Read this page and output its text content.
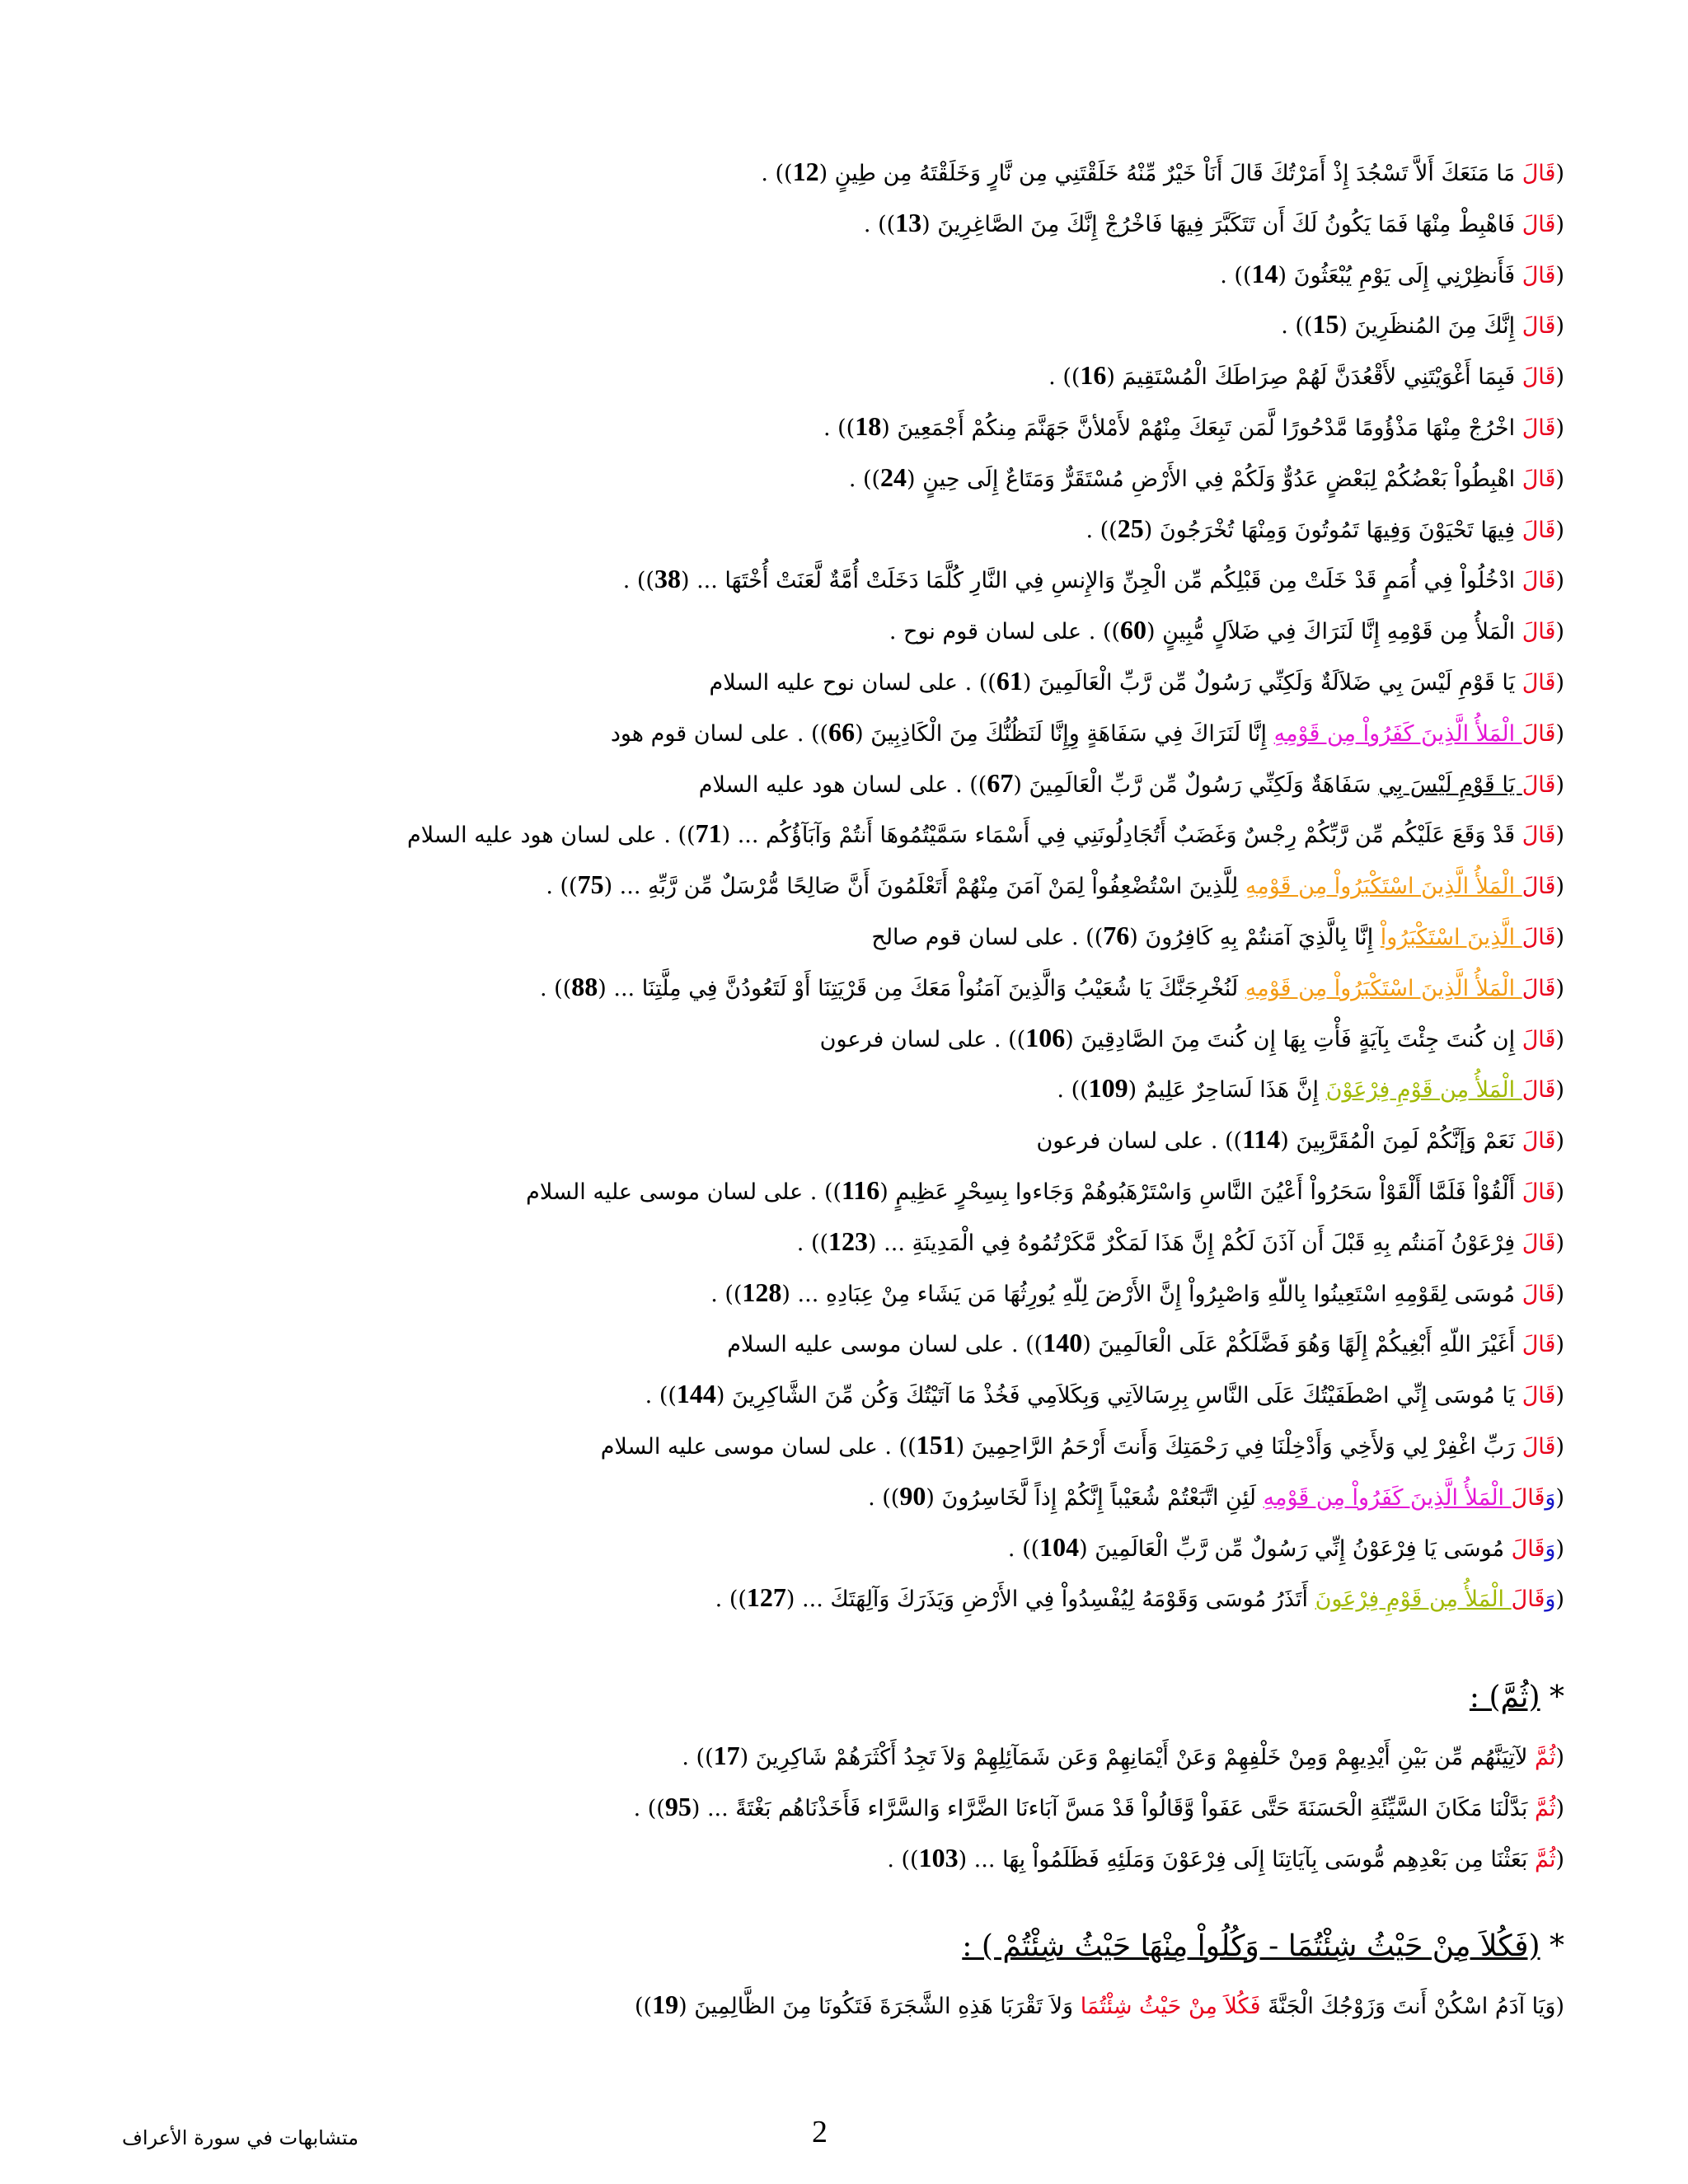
(قَالَ مَا مَنَعَكَ أَلاَّ تَسْجُدَ إِذْ أَمَرْتُكَ قَالَ أَنَاْ خَيْرٌ مِّنْهُ خَلَقْتَنِي مِن نَّارٍ وَخَلَقْتَهُ مِن طِينٍ (12)) .
(قَالَ فَاهْبِطْ مِنْهَا فَمَا يَكُونُ لَكَ أَن تَتَكَبَّرَ فِيهَا فَاخْرُجْ إِنَّكَ مِنَ الصَّاغِرِينَ (13)) .
(قَالَ فَأَنظِرْنِي إِلَى يَوْمِ يُبْعَثُونَ (14)) .
(قَالَ إِنَّكَ مِنَ المُنظَرِينَ (15)) .
(قَالَ فَبِمَا أَغْوَيْتَنِي لأَقْعُدَنَّ لَهُمْ صِرَاطَكَ الْمُسْتَقِيمَ (16)) .
(قَالَ اخْرُجْ مِنْهَا مَذْؤُومًا مَّدْحُورًا لَّمَن تَبِعَكَ مِنْهُمْ لأَمْلأنَّ جَهَنَّمَ مِنكُمْ أَجْمَعِينَ (18)) .
(قَالَ اهْبِطُواْ بَعْضُكُمْ لِبَعْضٍ عَدُوٌّ وَلَكُمْ فِي الأَرْضِ مُسْتَقَرٌّ وَمَتَاعٌ إِلَى حِينٍ (24)) .
(قَالَ فِيهَا تَحْيَوْنَ وَفِيهَا تَمُوتُونَ وَمِنْهَا تُخْرَجُونَ (25)) .
(قَالَ ادْخُلُواْ فِي أُمَمٍ قَدْ خَلَتْ مِن قَبْلِكُم مِّن الْجِنِّ وَالإِنسِ فِي النَّارِ كُلَّمَا دَخَلَتْ أُمَّةٌ لَّعَنَتْ أُخْتَهَا ... (38)) .
(قَالَ الْمَلأُ مِن قَوْمِهِ إِنَّا لَنَرَاكَ فِي ضَلاَلٍ مُّبِينٍ (60)) . على لسان قوم نوح .
(قَالَ يَا قَوْمِ لَيْسَ بِي ضَلاَلَةٌ وَلَكِنِّي رَسُولٌ مِّن رَّبِّ الْعَالَمِينَ (61)) . على لسان نوح عليه السلام
(قَالَ الْمَلأُ الَّذِينَ كَفَرُواْ مِن قَوْمِهِ إِنَّا لَنَرَاكَ فِي سَفَاهَةٍ وِإِنَّا لَنَظُنُّكَ مِنَ الْكَاذِبِينَ (66)) . على لسان قوم هود
(قَالَ يَا قَوْمِ لَيْسَ بِي سَفَاهَةٌ وَلَكِنِّي رَسُولٌ مِّن رَّبِّ الْعَالَمِينَ (67)) . على لسان هود عليه السلام
(قَالَ قَدْ وَقَعَ عَلَيْكُم مِّن رَّبِّكُمْ رِجْسٌ وَغَضَبٌ أَتُجَادِلُونَنِي فِي أَسْمَاء سَمَّيْتُمُوهَا أَنتُمْ وَآبَآؤُكُم ... (71)) . على لسان هود عليه السلام
(قَالَ الْمَلأُ الَّذِينَ اسْتَكْبَرُواْ مِن قَوْمِهِ لِلَّذِينَ اسْتُضْعِفُواْ لِمَنْ آمَنَ مِنْهُمْ أَتَعْلَمُونَ أَنَّ صَالِحًا مُّرْسَلٌ مِّن رَّبِّهِ ... (75)) .
(قَالَ الَّذِينَ اسْتَكْبَرُواْ إِنَّا بِالَّذِيَ آمَنتُمْ بِهِ كَافِرُونَ (76)) . على لسان قوم صالح
(قَالَ الْمَلأُ الَّذِينَ اسْتَكْبَرُواْ مِن قَوْمِهِ لَنُخْرِجَنَّكَ يَا شُعَيْبُ وَالَّذِينَ آمَنُواْ مَعَكَ مِن قَرْيَتِنَا أَوْ لَتَعُودُنَّ فِي مِلَّتِنَا ... (88)) .
(قَالَ إِن كُنتَ جِئْتَ بِآيَةٍ فَأْتِ بِهَا إِن كُنتَ مِنَ الصَّادِقِينَ (106)) . على لسان فرعون
(قَالَ الْمَلأُ مِن قَوْمِ فِرْعَوْنَ إِنَّ هَذَا لَسَاحِرٌ عَلِيمٌ (109)) .
(قَالَ نَعَمْ وَإَنَّكُمْ لَمِنَ الْمُقَرَّبِينَ (114)) . على لسان فرعون
(قَالَ أَلْقُوْاْ فَلَمَّا أَلْقَوْاْ سَحَرُواْ أَعْيُنَ النَّاسِ وَاسْتَرْهَبُوهُمْ وَجَاءوا بِسِحْرٍ عَظِيمٍ (116)) . على لسان موسى عليه السلام
(قَالَ فِرْعَوْنُ آمَنتُم بِهِ قَبْلَ أَن آذَنَ لَكُمْ إِنَّ هَذَا لَمَكْرٌ مَّكَرْتُمُوهُ فِي الْمَدِينَةِ ... (123)) .
(قَالَ مُوسَى لِقَوْمِهِ اسْتَعِينُوا بِاللّهِ وَاصْبِرُواْ إِنَّ الأَرْضَ لِلّهِ يُورِثُهَا مَن يَشَاء مِنْ عِبَادِهِ ... (128)) .
(قَالَ أَغَيْرَ اللّهِ أَبْغِيكُمْ إِلَهًا وَهُوَ فَضَّلَكُمْ عَلَى الْعَالَمِينَ (140)) . على لسان موسى عليه السلام
(قَالَ يَا مُوسَى إِنِّي اصْطَفَيْتُكَ عَلَى النَّاسِ بِرِسَالاَتِي وَبِكَلاَمِي فَخُذْ مَا آتَيْتُكَ وَكُن مِّنَ الشَّاكِرِينَ (144)) .
(قَالَ رَبِّ اغْفِرْ لِي وَلأَخِي وَأَدْخِلْنَا فِي رَحْمَتِكَ وَأَنتَ أَرْحَمُ الرَّاحِمِينَ (151)) . على لسان موسى عليه السلام
(وَقَالَ الْمَلأُ الَّذِينَ كَفَرُواْ مِن قَوْمِهِ لَئِنِ اتَّبَعْتُمْ شُعَيْباً إِنَّكُمْ إِذاً لَّخَاسِرُونَ (90)) .
(وَقَالَ مُوسَى يَا فِرْعَوْنُ إِنِّي رَسُولٌ مِّن رَّبِّ الْعَالَمِينَ (104)) .
(وَقَالَ الْمَلأُ مِن قَوْمِ فِرْعَونَ أَتَذَرُ مُوسَى وَقَوْمَهُ لِيُفْسِدُواْ فِي الأَرْضِ وَيَذَرَكَ وَآلِهَتَكَ ... (127)) .
* (ثُمَّ) :
(ثُمَّ لآتِيَنَّهُم مِّن بَيْنِ أَيْدِيهِمْ وَمِنْ خَلْفِهِمْ وَعَنْ أَيْمَانِهِمْ وَعَن شَمَآئِلِهِمْ وَلاَ تَجِدُ أَكْثَرَهُمْ شَاكِرِينَ (17)) .
(ثُمَّ بَدَّلْنَا مَكَانَ السَّيِّئَةِ الْحَسَنَةَ حَتَّى عَفَواْ وَّقَالُواْ قَدْ مَسَّ آبَاءنَا الضَّرَّاء وَالسَّرَّاء فَأَخَذْنَاهُم بَغْتَةً ... (95)) .
(ثُمَّ بَعَثْنَا مِن بَعْدِهِم مُّوسَى بِآيَاتِنَا إِلَى فِرْعَوْنَ وَمَلَئِهِ فَظَلَمُواْ بِهَا ... (103)) .
* (فَكُلاَ مِنْ حَيْثُ شِئْتُمَا - وَكُلُواْ مِنْهَا حَيْثُ شِئْتُمْ ) :
(وَيَا آدَمُ اسْكُنْ أَنتَ وَزَوْجُكَ الْجَنَّةَ فَكُلاَ مِنْ حَيْثُ شِئْتُمَا وَلاَ تَقْرَبَا هَذِهِ الشَّجَرَةَ فَتَكُونَا مِنَ الظَّالِمِينَ (19))
2
متشابهات في سورة الأعراف
